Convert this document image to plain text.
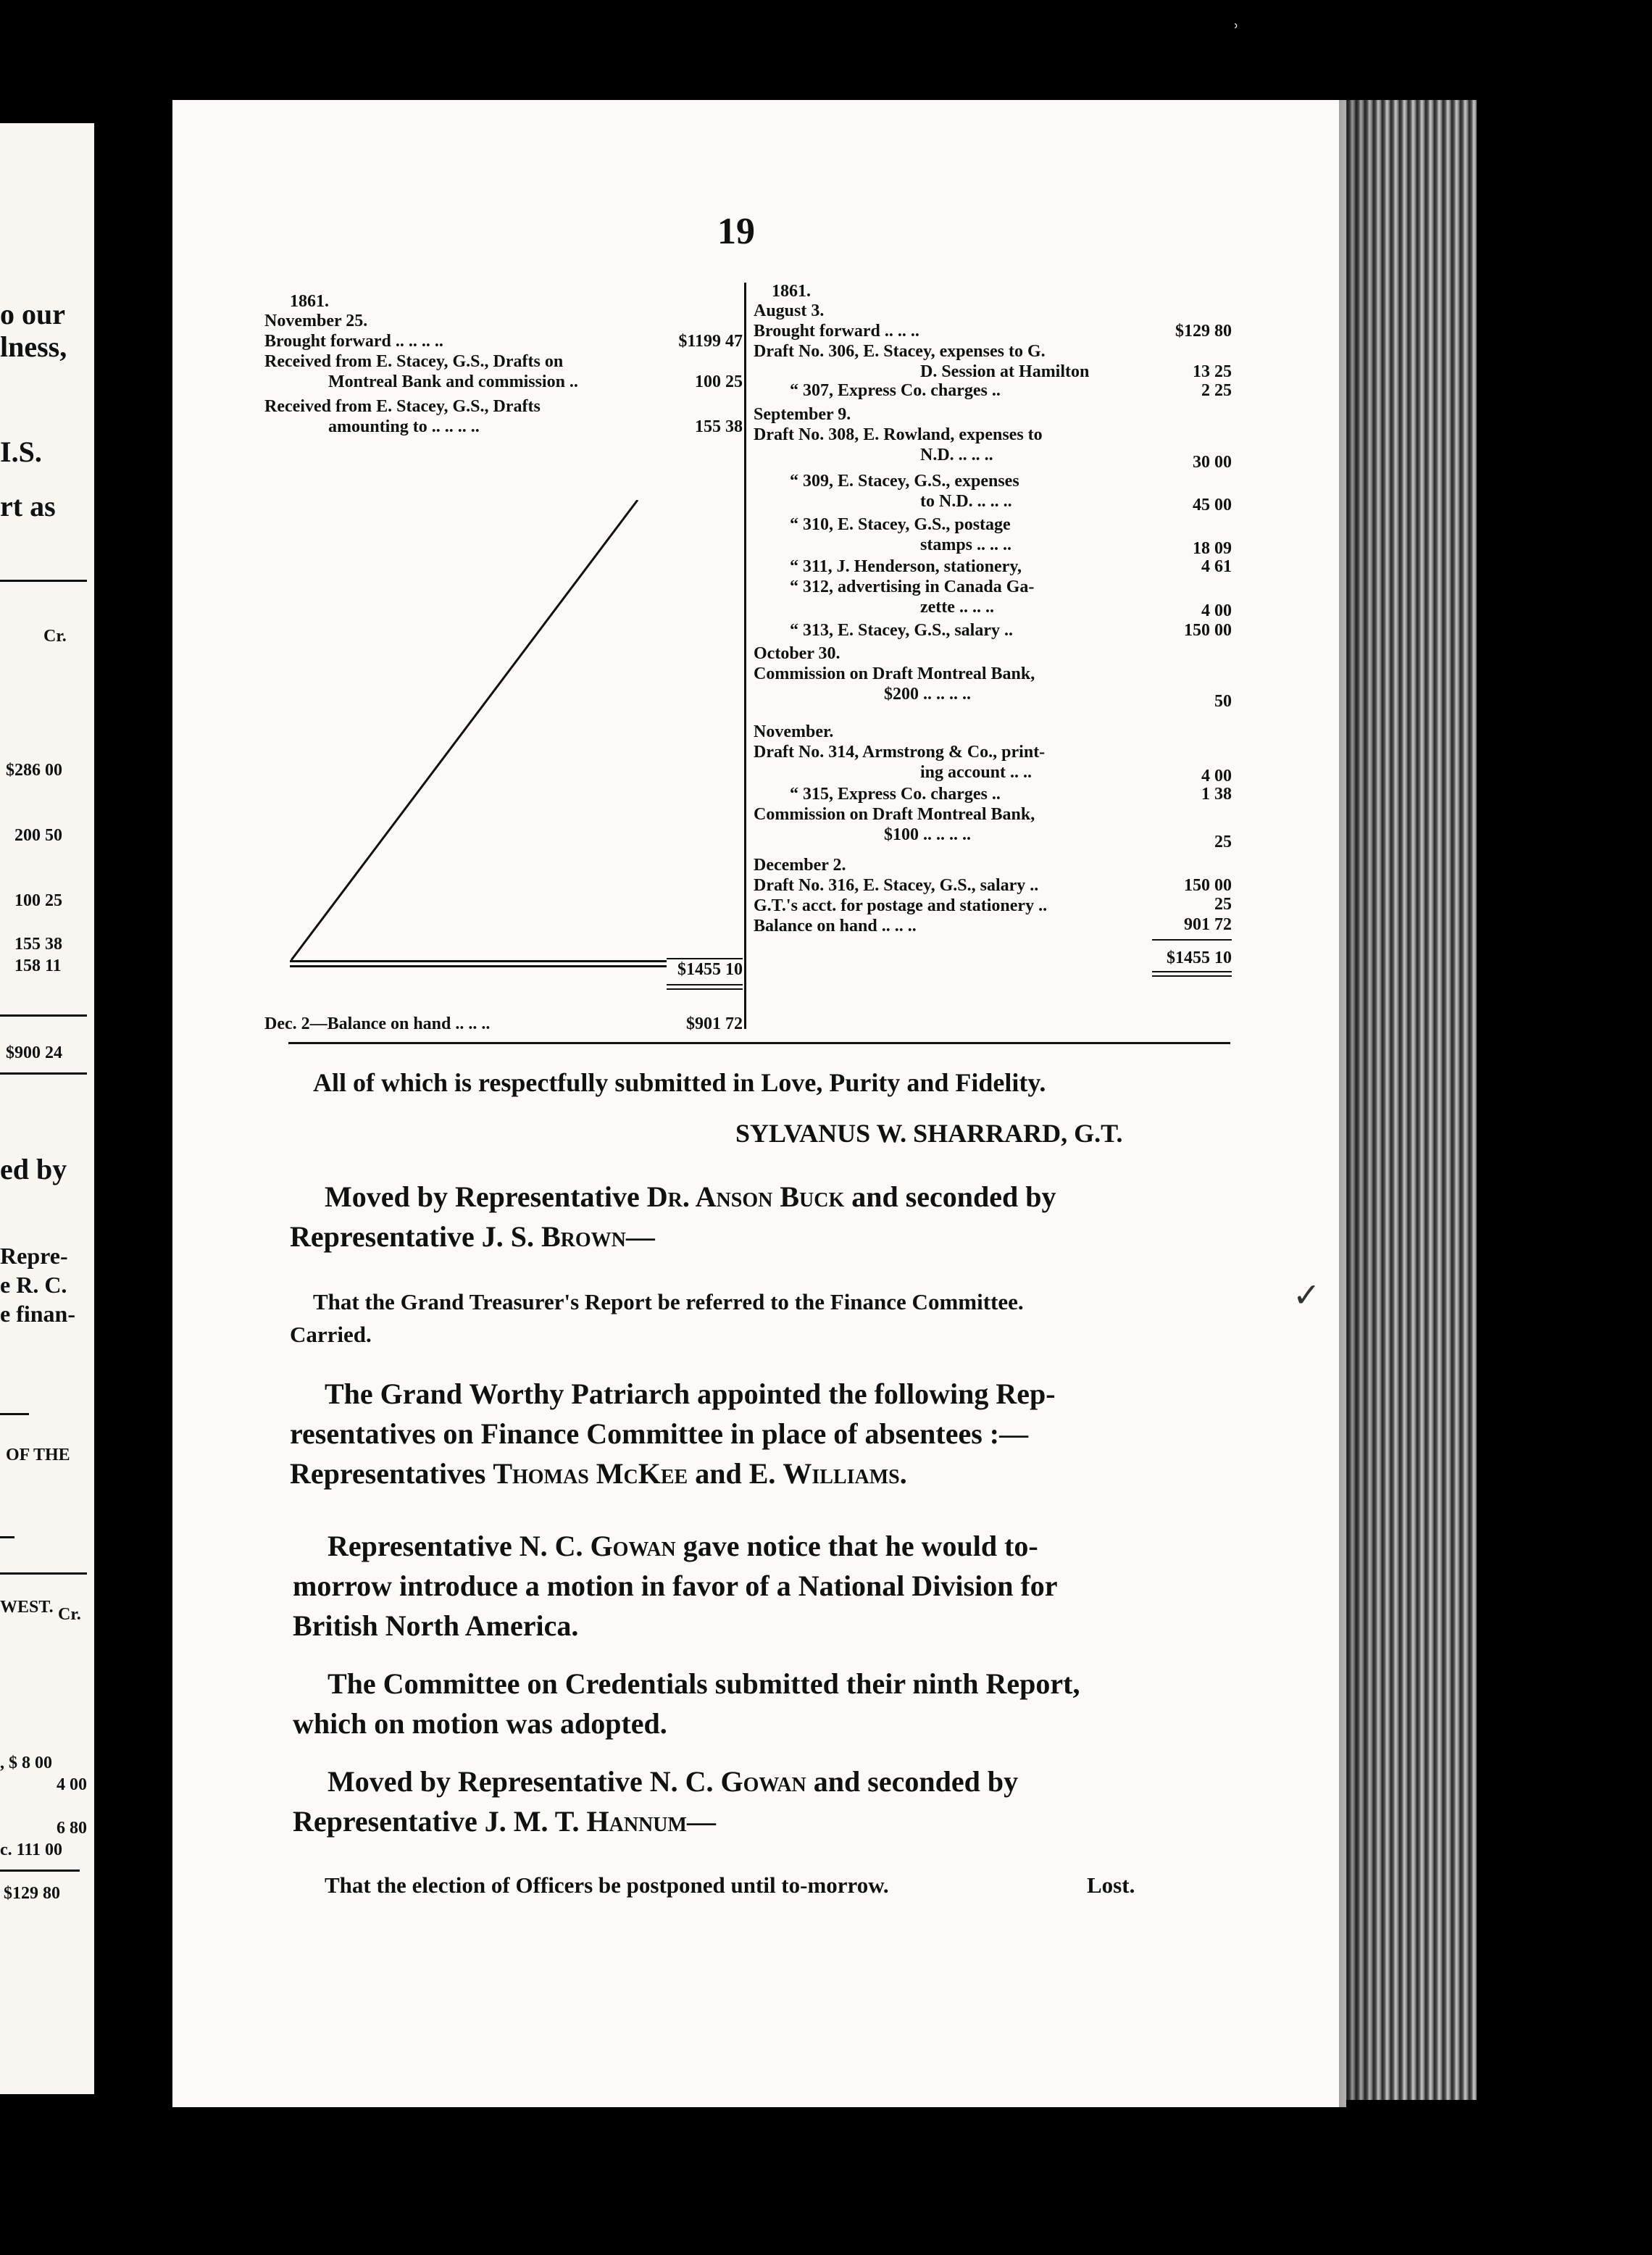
o our
lness,
I.S.
rt as
Cr.
$286 00
200 50
100 25
155 38
158 11
$900 24
ed by
Repre-
e R. C.
e finan-
OF THE
WEST. Cr.
, $ 8 00
4 00
6 80
c. 111 00
$129 80
ʾ
19
1861.
November 25.
Brought forward .. .. .. ..	$1199 47
Received from E. Stacey, G.S., Drafts on
Montreal Bank and commission ..	100 25
Received from E. Stacey, G.S., Drafts
amounting to .. .. .. ..	155 38
$1455 10
Dec. 2—Balance on hand .. .. ..	$901 72
1861.
August 3.
Brought forward .. .. ..	$129 80
Draft No. 306, E. Stacey, expenses to G.
D. Session at Hamilton	13 25
“ 307, Express Co. charges ..	2 25
September 9.
Draft No. 308, E. Rowland, expenses to
N.D. .. .. ..	30 00
“ 309, E. Stacey, G.S., expenses
to N.D. .. .. ..	45 00
“ 310, E. Stacey, G.S., postage
stamps .. .. ..	18 09
“ 311, J. Henderson, stationery,	4 61
“ 312, advertising in Canada Ga-
zette .. .. ..	4 00
“ 313, E. Stacey, G.S., salary ..	150 00
October 30.
Commission on Draft Montreal Bank,
$200 .. .. .. ..	50
November.
Draft No. 314, Armstrong & Co., print-
ing account .. ..	4 00
“ 315, Express Co. charges ..	1 38
Commission on Draft Montreal Bank,
$100 .. .. .. ..	25
December 2.
Draft No. 316, E. Stacey, G.S., salary ..	150 00
G.T.'s acct. for postage and stationery ..	25
Balance on hand .. .. ..	901 72
$1455 10
All of which is respectfully submitted in Love, Purity and Fidelity.
SYLVANUS W. SHARRARD, G.T.
Moved by Representative Dr. Anson Buck and seconded by
Representative J. S. Brown—
That the Grand Treasurer's Report be referred to the Finance Committee.
Carried.
✓
The Grand Worthy Patriarch appointed the following Rep-
resentatives on Finance Committee in place of absentees :—
Representatives Thomas McKee and E. Williams.
Representative N. C. Gowan gave notice that he would to-
morrow introduce a motion in favor of a National Division for
British North America.
The Committee on Credentials submitted their ninth Report,
which on motion was adopted.
Moved by Representative N. C. Gowan and seconded by
Representative J. M. T. Hannum—
That the election of Officers be postponed until to-morrow.	Lost.
